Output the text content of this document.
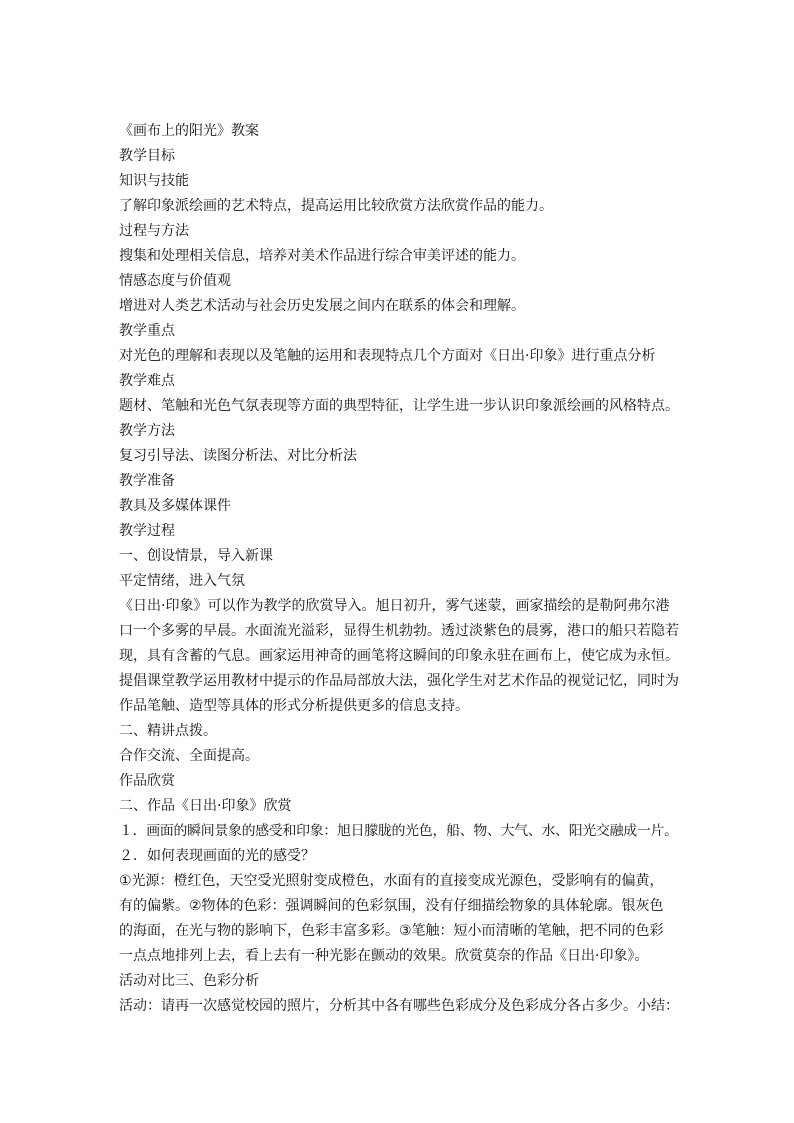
《画布上的阳光》教案
教学目标
知识与技能
了解印象派绘画的艺术特点，提高运用比较欣赏方法欣赏作品的能力。
过程与方法
搜集和处理相关信息，培养对美术作品进行综合审美评述的能力。
情感态度与价值观
增进对人类艺术活动与社会历史发展之间内在联系的体会和理解。
教学重点
对光色的理解和表现以及笔触的运用和表现特点几个方面对《日出·印象》进行重点分析
教学难点
题材、笔触和光色气氛表现等方面的典型特征，让学生进一步认识印象派绘画的风格特点。
教学方法
复习引导法、读图分析法、对比分析法
教学准备
教具及多媒体课件
教学过程
一、创设情景，导入新课
平定情绪，进入气氛
《日出·印象》可以作为教学的欣赏导入。旭日初升，雾气迷蒙，画家描绘的是勒阿弗尔港
口一个多雾的早晨。水面流光溢彩，显得生机勃勃。透过淡紫色的晨雾，港口的船只若隐若
现，具有含蓄的气息。画家运用神奇的画笔将这瞬间的印象永驻在画布上，使它成为永恒。
提倡课堂教学运用教材中提示的作品局部放大法，强化学生对艺术作品的视觉记忆，同时为
作品笔触、造型等具体的形式分析提供更多的信息支持。
二、精讲点拨。
合作交流、全面提高。
作品欣赏
二、作品《日出·印象》欣赏
１．画面的瞬间景象的感受和印象：旭日朦胧的光色，船、物、大气、水、阳光交融成一片。
２．如何表现画面的光的感受？
①光源：橙红色，天空受光照射变成橙色，水面有的直接变成光源色，受影响有的偏黄，
有的偏紫。②物体的色彩：强调瞬间的色彩氛围，没有仔细描绘物象的具体轮廓。银灰色
的海面，在光与物的影响下，色彩丰富多彩。③笔触：短小而清晰的笔触，把不同的色彩
一点点地排列上去，看上去有一种光影在颤动的效果。欣赏莫奈的作品《日出·印象》。
活动对比三、色彩分析
活动：请再一次感觉校园的照片，分析其中各有哪些色彩成分及色彩成分各占多少。小结：
